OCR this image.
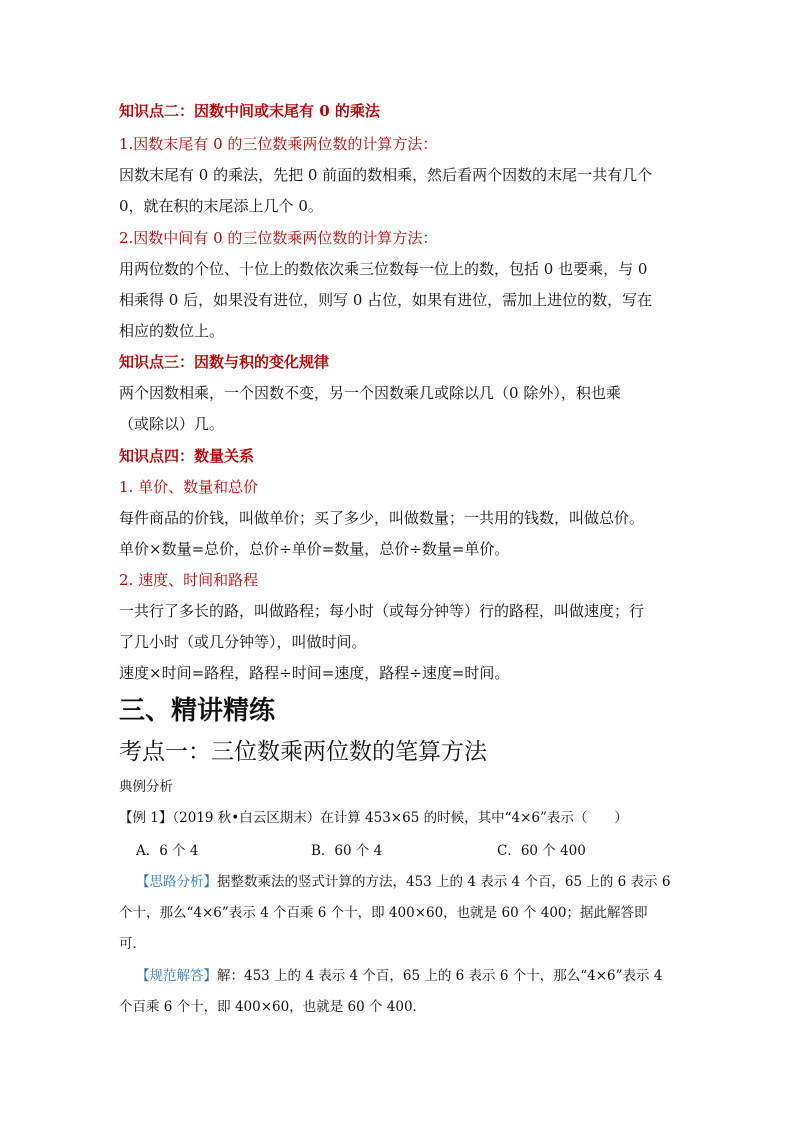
知识点二：因数中间或末尾有 0 的乘法
1.因数末尾有 0 的三位数乘两位数的计算方法：
因数末尾有 0 的乘法，先把 0 前面的数相乘，然后看两个因数的末尾一共有几个
0，就在积的末尾添上几个 0。
2.因数中间有 0 的三位数乘两位数的计算方法：
用两位数的个位、十位上的数依次乘三位数每一位上的数，包括 0 也要乘，与 0
相乘得 0 后，如果没有进位，则写 0 占位，如果有进位，需加上进位的数，写在
相应的数位上。
知识点三：因数与积的变化规律
两个因数相乘，一个因数不变，另一个因数乘几或除以几（0 除外），积也乘
（或除以）几。
知识点四：数量关系
1. 单价、数量和总价
每件商品的价钱，叫做单价；买了多少，叫做数量；一共用的钱数，叫做总价。
单价×数量=总价，总价÷单价=数量，总价÷数量=单价。
2. 速度、时间和路程
一共行了多长的路，叫做路程；每小时（或每分钟等）行的路程，叫做速度；行
了几小时（或几分钟等），叫做时间。
速度×时间=路程，路程÷时间=速度，路程÷速度=时间。
三、精讲精练
考点一：三位数乘两位数的笔算方法
典例分析
【例 1】（2019 秋•白云区期末）在计算 453×65 的时候，其中“4×6”表示（　　）
A．6 个 4	B．60 个 4	C．60 个 400
【思路分析】据整数乘法的竖式计算的方法，453 上的 4 表示 4 个百，65 上的 6 表示 6
个十，那么“4×6”表示 4 个百乘 6 个十，即 400×60，也就是 60 个 400；据此解答即
可．
【规范解答】解：453 上的 4 表示 4 个百，65 上的 6 表示 6 个十，那么“4×6”表示 4
个百乘 6 个十，即 400×60，也就是 60 个 400．
